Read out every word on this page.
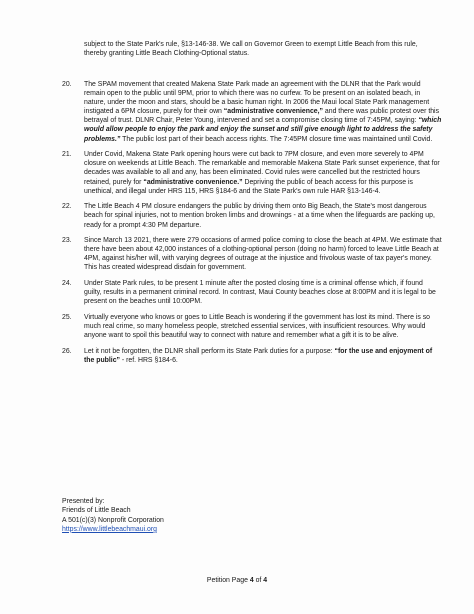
subject to the State Park's rule, §13-146-38. We call on Governor Green to exempt Little Beach from this rule, thereby granting Little Beach Clothing-Optional status.

20.	The SPAM movement that created Makena State Park made an agreement with the DLNR that the Park would remain open to the public until 9PM, prior to which there was no curfew. To be present on an isolated beach, in nature, under the moon and stars, should be a basic human right. In 2006 the Maui local State Park management instigated a 6PM closure, purely for their own “administrative convenience,” and there was public protest over this betrayal of trust. DLNR Chair, Peter Young, intervened and set a compromise closing time of 7:45PM, saying: “which would allow people to enjoy the park and enjoy the sunset and still give enough light to address the safety problems.” The public lost part of their beach access rights. The 7:45PM closure time was maintained until Covid.
21.	Under Covid, Makena State Park opening hours were cut back to 7PM closure, and even more severely to 4PM closure on weekends at Little Beach. The remarkable and memorable Makena State Park sunset experience, that for decades was available to all and any, has been eliminated. Covid rules were cancelled but the restricted hours retained, purely for “administrative convenience.” Depriving the public of beach access for this purpose is unethical, and illegal under HRS 115, HRS §184-6 and the State Park's own rule HAR §13-146-4.
22.	The Little Beach 4 PM closure endangers the public by driving them onto Big Beach, the State's most dangerous beach for spinal injuries, not to mention broken limbs and drownings - at a time when the lifeguards are packing up, ready for a prompt 4:30 PM departure.
23.	Since March 13 2021, there were 279 occasions of armed police coming to close the beach at 4PM. We estimate that there have been about 42,000 instances of a clothing-optional person (doing no harm) forced to leave Little Beach at 4PM, against his/her will, with varying degrees of outrage at the injustice and frivolous waste of tax payer's money. This has created widespread disdain for government.
24.	Under State Park rules, to be present 1 minute after the posted closing time is a criminal offense which, if found guilty, results in a permanent criminal record. In contrast, Maui County beaches close at 8:00PM and it is legal to be present on the beaches until 10:00PM.
25.	Virtually everyone who knows or goes to Little Beach is wondering if the government has lost its mind. There is so much real crime, so many homeless people, stretched essential services, with insufficient resources. Why would anyone want to spoil this beautiful way to connect with nature and remember what a gift it is to be alive.
26.	Let it not be forgotten, the DLNR shall perform its State Park duties for a purpose: “for the use and enjoyment of the public” - ref. HRS §184-6.
Presented by:
Friends of Little Beach
A 501(c)(3) Nonprofit Corporation
https://www.littlebeachmaui.org
Petition Page 4 of 4
